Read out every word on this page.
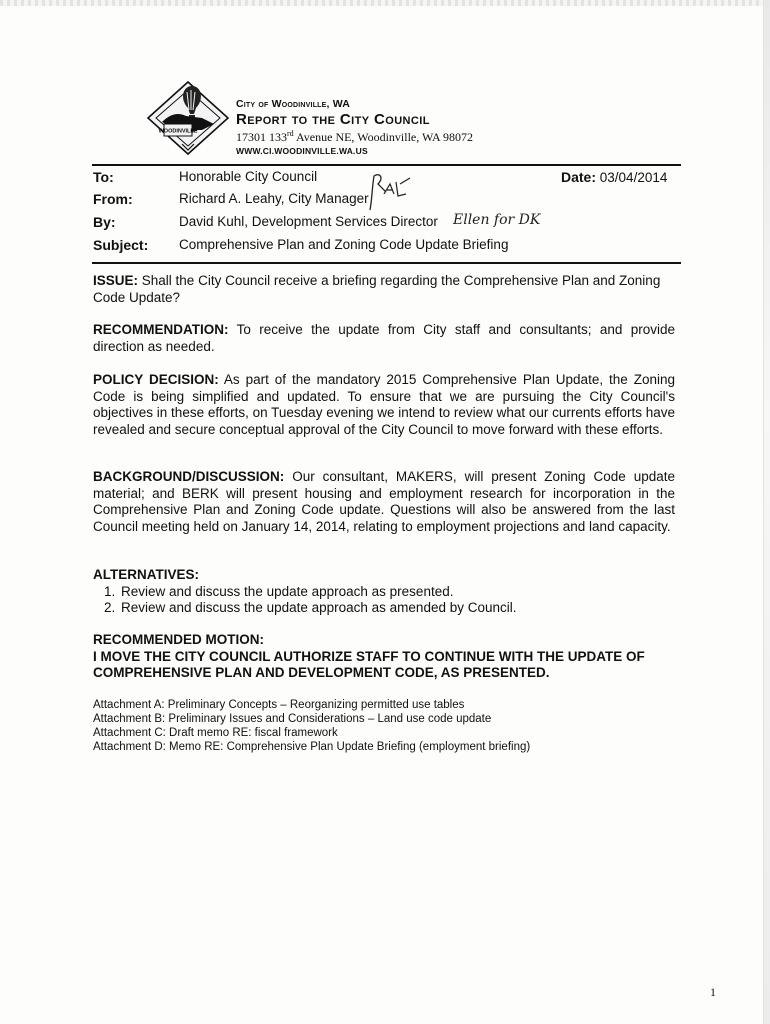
WOODINVILLE
City of Woodinville, WA
Report to the City Council
17301 133rd Avenue NE, Woodinville, WA 98072
WWW.CI.WOODINVILLE.WA.US
To:	Honorable City Council	Date: 03/04/2014
From:	Richard A. Leahy, City Manager
By:	David Kuhl, Development Services Director
Subject: Comprehensive Plan and Zoning Code Update Briefing
Ellen for DK
ISSUE: Shall the City Council receive a briefing regarding the Comprehensive Plan and Zoning Code Update?
RECOMMENDATION: To receive the update from City staff and consultants; and provide direction as needed.
POLICY DECISION: As part of the mandatory 2015 Comprehensive Plan Update, the Zoning Code is being simplified and updated. To ensure that we are pursuing the City Council's objectives in these efforts, on Tuesday evening we intend to review what our currents efforts have revealed and secure conceptual approval of the City Council to move forward with these efforts.
BACKGROUND/DISCUSSION: Our consultant, MAKERS, will present Zoning Code update material; and BERK will present housing and employment research for incorporation in the Comprehensive Plan and Zoning Code update. Questions will also be answered from the last Council meeting held on January 14, 2014, relating to employment projections and land capacity.
ALTERNATIVES:
1. Review and discuss the update approach as presented.
2. Review and discuss the update approach as amended by Council.
RECOMMENDED MOTION:
I MOVE THE CITY COUNCIL AUTHORIZE STAFF TO CONTINUE WITH THE UPDATE OF COMPREHENSIVE PLAN AND DEVELOPMENT CODE, AS PRESENTED.
Attachment A: Preliminary Concepts – Reorganizing permitted use tables
Attachment B: Preliminary Issues and Considerations – Land use code update
Attachment C: Draft memo RE: fiscal framework
Attachment D: Memo RE: Comprehensive Plan Update Briefing (employment briefing)
1
